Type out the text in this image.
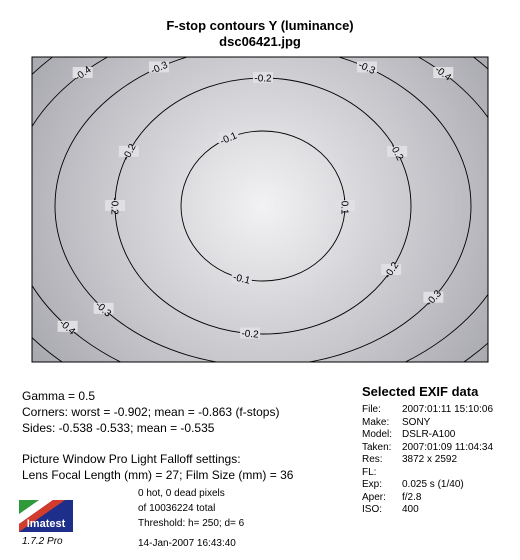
F-stop contours Y (luminance)
dsc06421.jpg
-0.1
-0.1
-0.1
-0.2
-0.2
-0.2
-0.2
-0.2
-0.2
-0.3
-0.3
-0.3
-0.3
-0.4	-0.4
-0.4
Gamma = 0.5
Corners: worst = -0.902; mean = -0.863 (f-stops)
Sides: -0.538 -0.533; mean = -0.535
Picture Window Pro Light Falloff settings:
Lens Focal Length (mm) = 27; Film Size (mm) = 36
Selected EXIF data
File: 2007:01:11 15:10:06
Make: SONY
Model: DSLR-A100
Taken: 2007:01:09 11:04:34
Res: 3872 x 2592
FL:
Exp: 0.025 s (1/40)
Aper: f/2.8
ISO: 400
0 hot, 0 dead pixels
of 10036224 total
Threshold: h= 250; d= 6
14-Jan-2007 16:43:40
Imatest
1.7.2 Pro
